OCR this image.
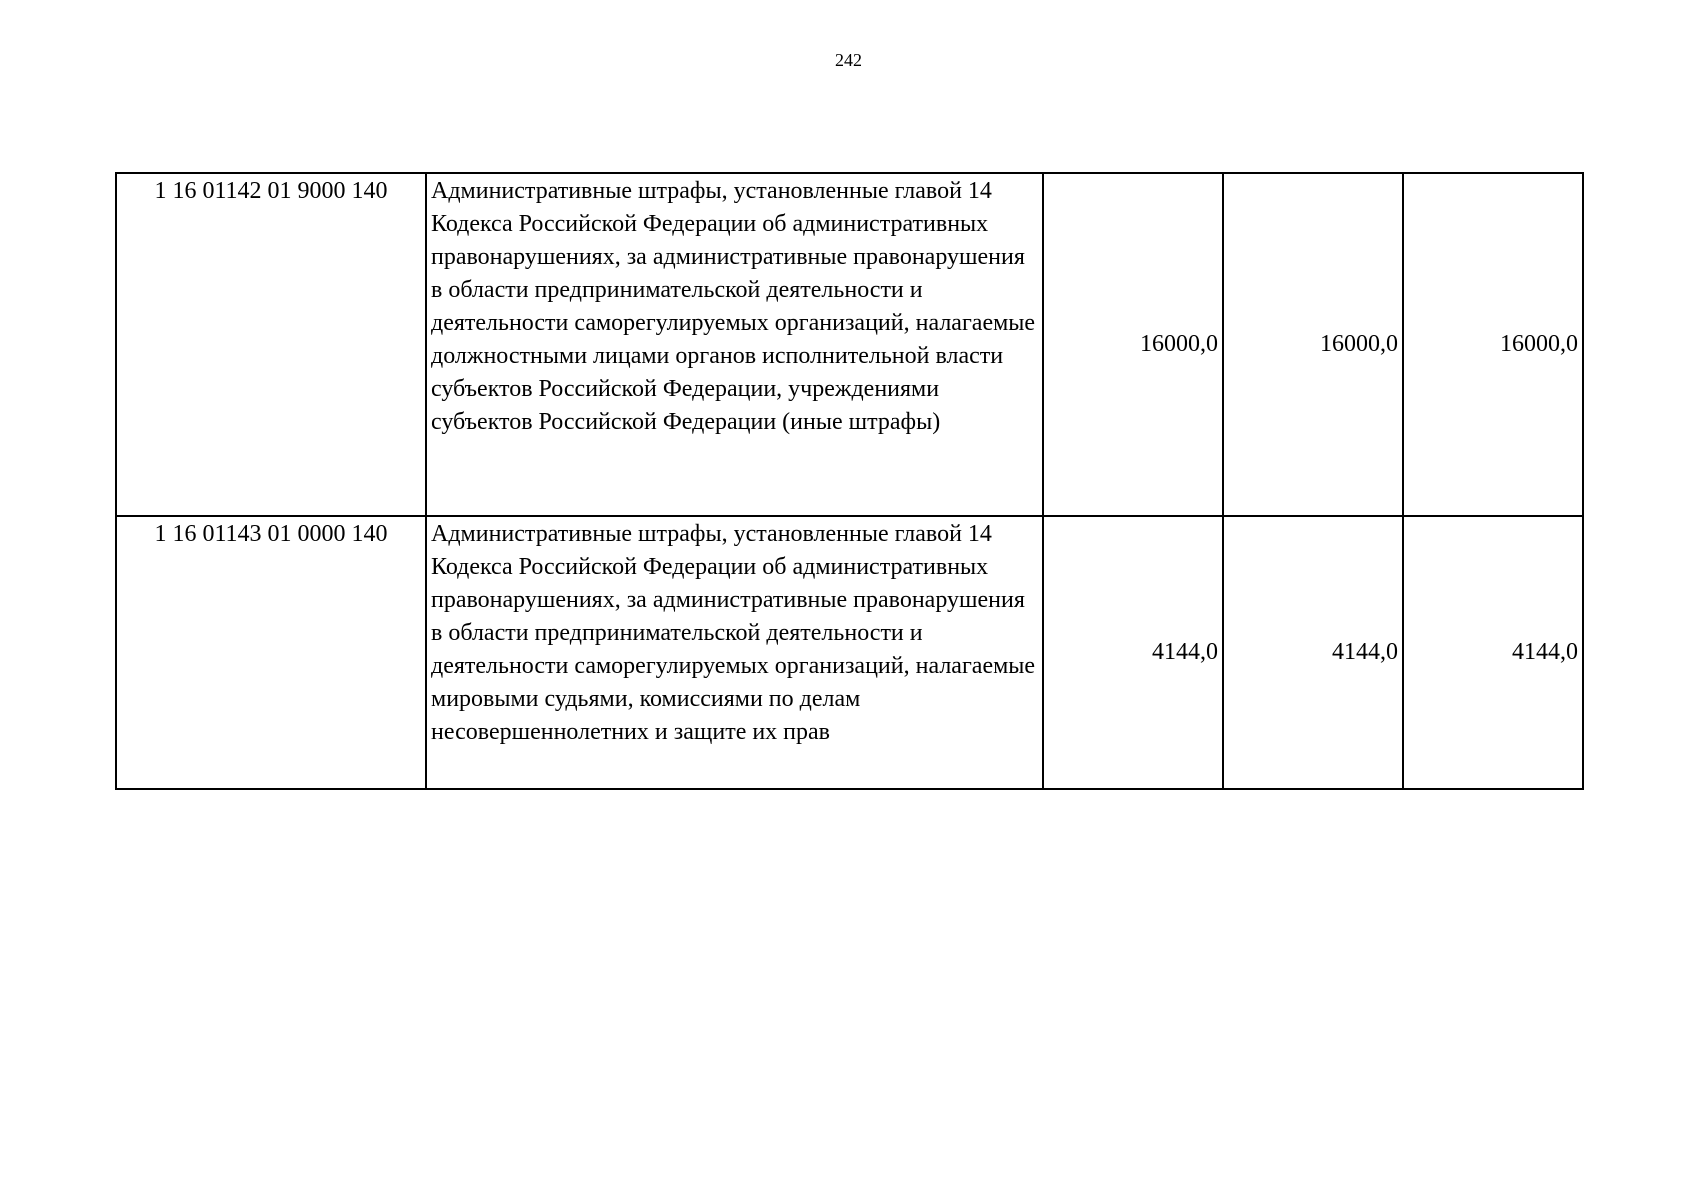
242
1 16 01142 01 9000 140	Административные штрафы, установленные главой 14 Кодекса Российской Федерации об административных правонарушениях, за административные правонарушения в области предпринимательской деятельности и деятельности саморегулируемых организаций, налагаемые должностными лицами органов исполнительной власти субъектов Российской Федерации, учреждениями субъектов Российской Федерации (иные штрафы)	16000,0	16000,0	16000,0
1 16 01143 01 0000 140	Административные штрафы, установленные главой 14 Кодекса Российской Федерации об административных правонарушениях, за административные правонарушения в области предпринимательской деятельности и деятельности саморегулируемых организаций, налагаемые мировыми судьями, комиссиями по делам несовершеннолетних и защите их прав	4144,0	4144,0	4144,0
